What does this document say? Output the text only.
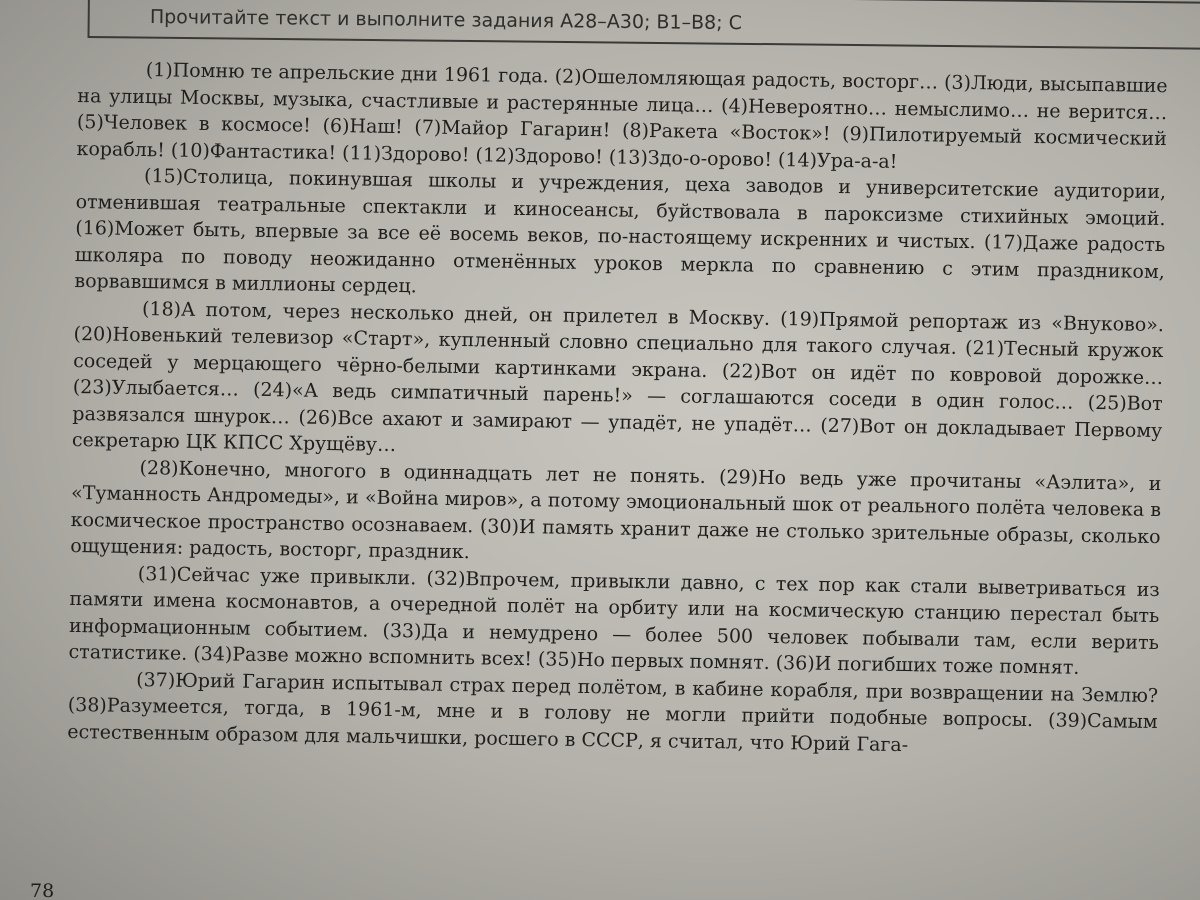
Прочитайте текст и выполните задания А28–А30; В1–В8; С

(1)Помню те апрельские дни 1961 года. (2)Ошеломляющая радость, восторг… (3)Люди, высыпавшие на улицы Москвы, музыка, счастливые и растерянные лица… (4)Невероятно… немыслимо… не верится… (5)Человек в космосе! (6)Наш! (7)Майор Гагарин! (8)Ракета «Восток»! (9)Пилотируемый космический корабль! (10)Фантастика! (11)Здорово! (12)Здорово! (13)Здо-о-орово! (14)Ура-а-а!

(15)Столица, покинувшая школы и учреждения, цеха заводов и университетские аудитории, отменившая театральные спектакли и киносеансы, буйствовала в пароксизме стихийных эмоций. (16)Может быть, впервые за все её восемь веков, по-настоящему искренних и чистых. (17)Даже радость школяра по поводу неожиданно отменённых уроков меркла по сравнению с этим праздником, ворвавшимся в миллионы сердец.

(18)А потом, через несколько дней, он прилетел в Москву. (19)Прямой репортаж из «Внуково». (20)Новенький телевизор «Старт», купленный словно специально для такого случая. (21)Тесный кружок соседей у мерцающего чёрно-белыми картинками экрана. (22)Вот он идёт по ковровой дорожке… (23)Улыбается… (24)«А ведь симпатичный парень!» — соглашаются соседи в один голос… (25)Вот развязался шнурок… (26)Все ахают и замирают — упадёт, не упадёт… (27)Вот он докладывает Первому секретарю ЦК КПСС Хрущёву…

(28)Конечно, многого в одиннадцать лет не понять. (29)Но ведь уже прочитаны «Аэлита», и «Туманность Андромеды», и «Война миров», а потому эмоциональный шок от реального полёта человека в космическое пространство осознаваем. (30)И память хранит даже не столько зрительные образы, сколько ощущения: радость, восторг, праздник.

(31)Сейчас уже привыкли. (32)Впрочем, привыкли давно, с тех пор как стали выветриваться из памяти имена космонавтов, а очередной полёт на орбиту или на космическую станцию перестал быть информационным событием. (33)Да и немудрено — более 500 человек побывали там, если верить статистике. (34)Разве можно вспомнить всех! (35)Но первых помнят. (36)И погибших тоже помнят.

(37)Юрий Гагарин испытывал страх перед полётом, в кабине корабля, при возвращении на Землю? (38)Разумеется, тогда, в 1961-м, мне и в голову не могли прийти подобные вопросы. (39)Самым естественным образом для мальчишки, росшего в СССР, я считал, что Юрий Гага-

78
